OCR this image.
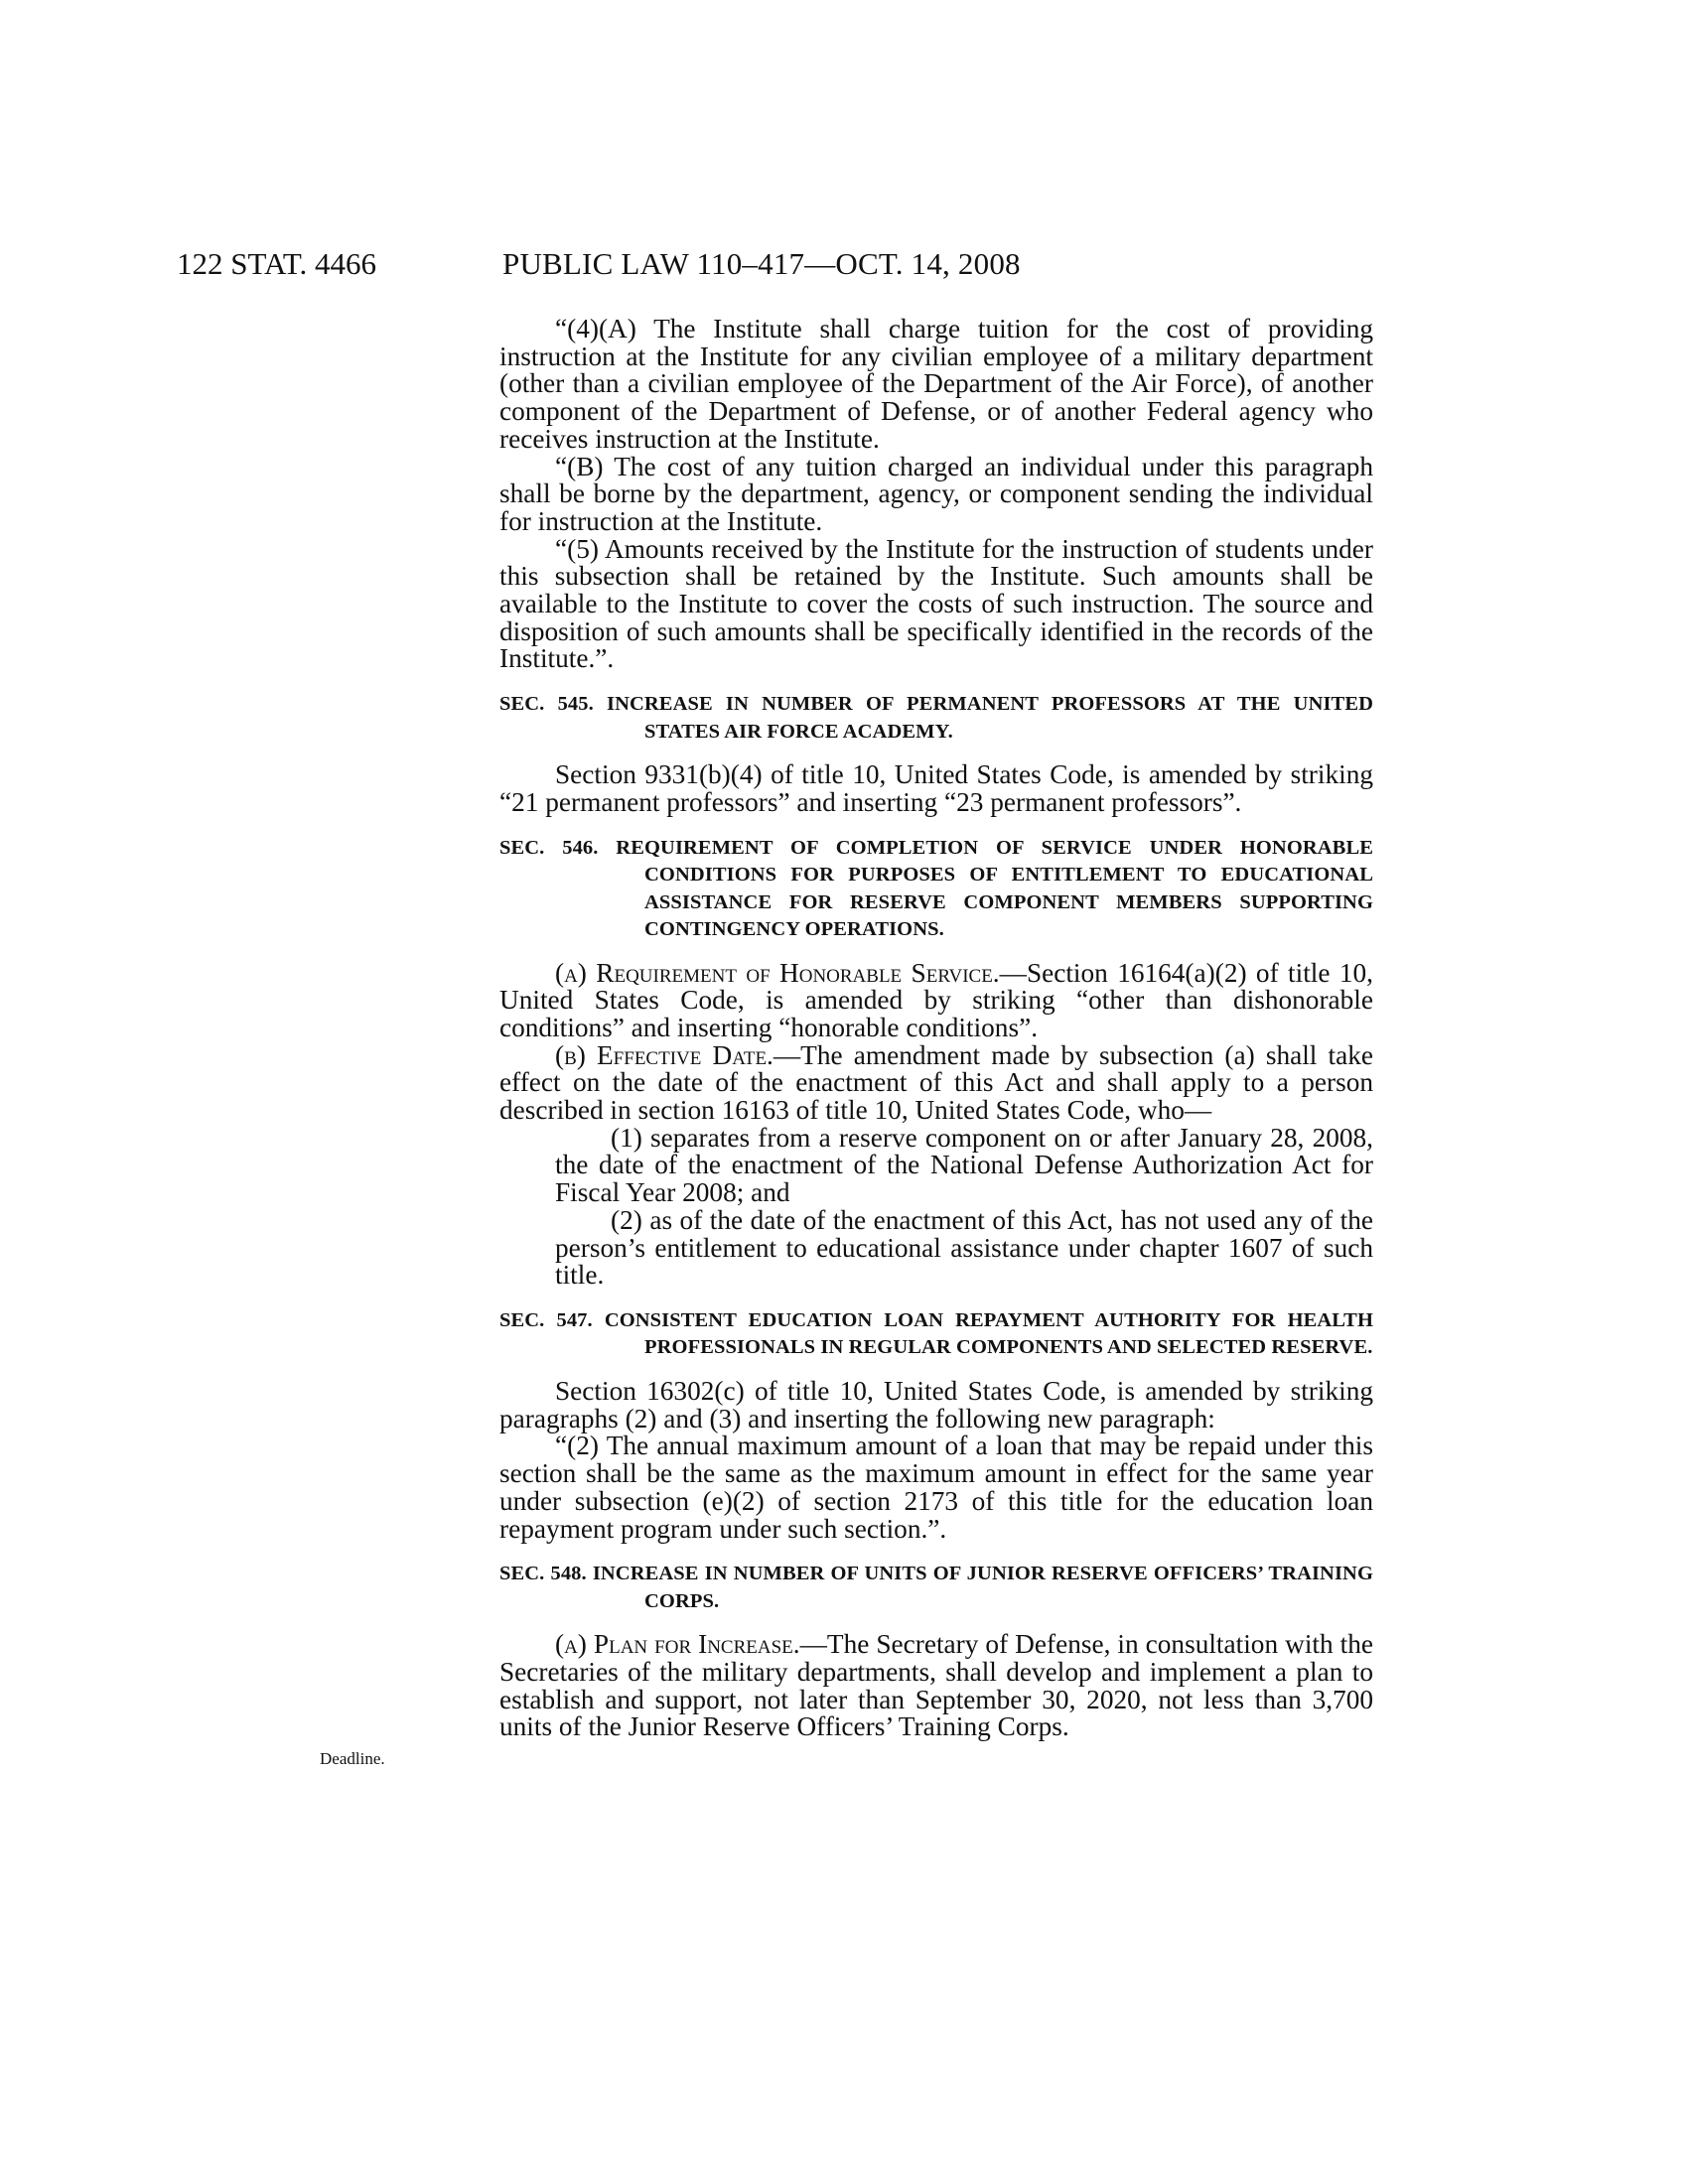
122 STAT. 4466	PUBLIC LAW 110–417—OCT. 14, 2008
Deadline.

“(4)(A) The Institute shall charge tuition for the cost of providing instruction at the Institute for any civilian employee of a military department (other than a civilian employee of the Department of the Air Force), of another component of the Department of Defense, or of another Federal agency who receives instruction at the Institute.

“(B) The cost of any tuition charged an individual under this paragraph shall be borne by the department, agency, or component sending the individual for instruction at the Institute.

“(5) Amounts received by the Institute for the instruction of students under this subsection shall be retained by the Institute. Such amounts shall be available to the Institute to cover the costs of such instruction. The source and disposition of such amounts shall be specifically identified in the records of the Institute.”.

SEC. 545. INCREASE IN NUMBER OF PERMANENT PROFESSORS AT THE UNITED STATES AIR FORCE ACADEMY.

Section 9331(b)(4) of title 10, United States Code, is amended by striking “21 permanent professors” and inserting “23 permanent professors”.

SEC. 546. REQUIREMENT OF COMPLETION OF SERVICE UNDER HONORABLE CONDITIONS FOR PURPOSES OF ENTITLEMENT TO EDUCATIONAL ASSISTANCE FOR RESERVE COMPONENT MEMBERS SUPPORTING CONTINGENCY OPERATIONS.

(a) Requirement of Honorable Service.—Section 16164(a)(2) of title 10, United States Code, is amended by striking “other than dishonorable conditions” and inserting “honorable conditions”.

(b) Effective Date.—The amendment made by subsection (a) shall take effect on the date of the enactment of this Act and shall apply to a person described in section 16163 of title 10, United States Code, who—

(1) separates from a reserve component on or after January 28, 2008, the date of the enactment of the National Defense Authorization Act for Fiscal Year 2008; and

(2) as of the date of the enactment of this Act, has not used any of the person’s entitlement to educational assistance under chapter 1607 of such title.

SEC. 547. CONSISTENT EDUCATION LOAN REPAYMENT AUTHORITY FOR HEALTH PROFESSIONALS IN REGULAR COMPONENTS AND SELECTED RESERVE.

Section 16302(c) of title 10, United States Code, is amended by striking paragraphs (2) and (3) and inserting the following new paragraph:

“(2) The annual maximum amount of a loan that may be repaid under this section shall be the same as the maximum amount in effect for the same year under subsection (e)(2) of section 2173 of this title for the education loan repayment program under such section.”.

SEC. 548. INCREASE IN NUMBER OF UNITS OF JUNIOR RESERVE OFFICERS’ TRAINING CORPS.

(a) Plan for Increase.—The Secretary of Defense, in consultation with the Secretaries of the military departments, shall develop and implement a plan to establish and support, not later than September 30, 2020, not less than 3,700 units of the Junior Reserve Officers’ Training Corps.
